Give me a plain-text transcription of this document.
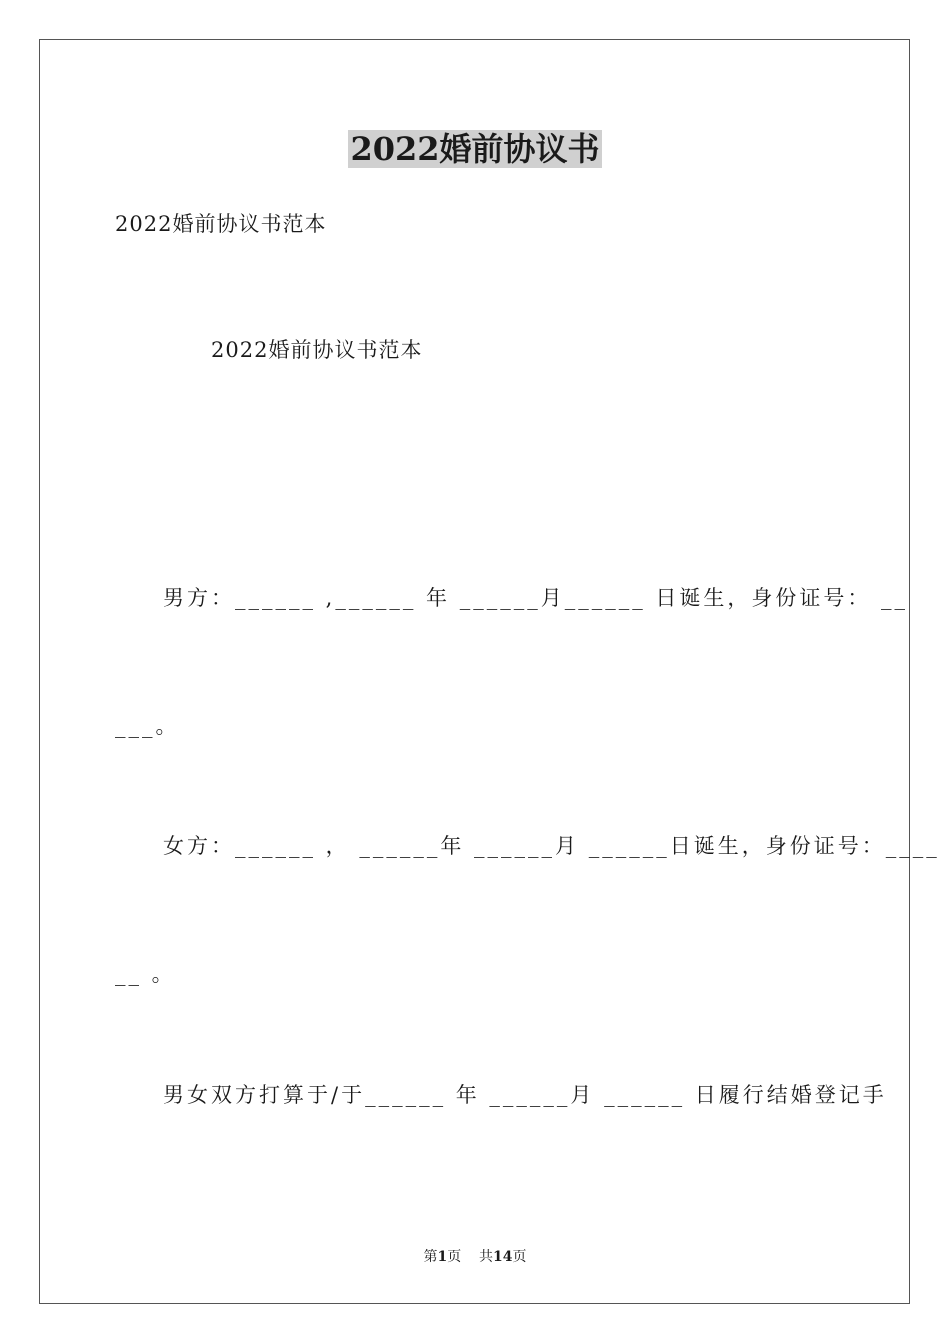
2022婚前协议书
2022婚前协议书范本
2022婚前协议书范本
男方：______ ,______ 年 ______月______ 日诞生，身份证号： __
___。
女方：______ ， ______年 ______月 ______日诞生，身份证号：____
__ 。
男女双方打算于/于______ 年 ______月 ______ 日履行结婚登记手
第1页 共14页
